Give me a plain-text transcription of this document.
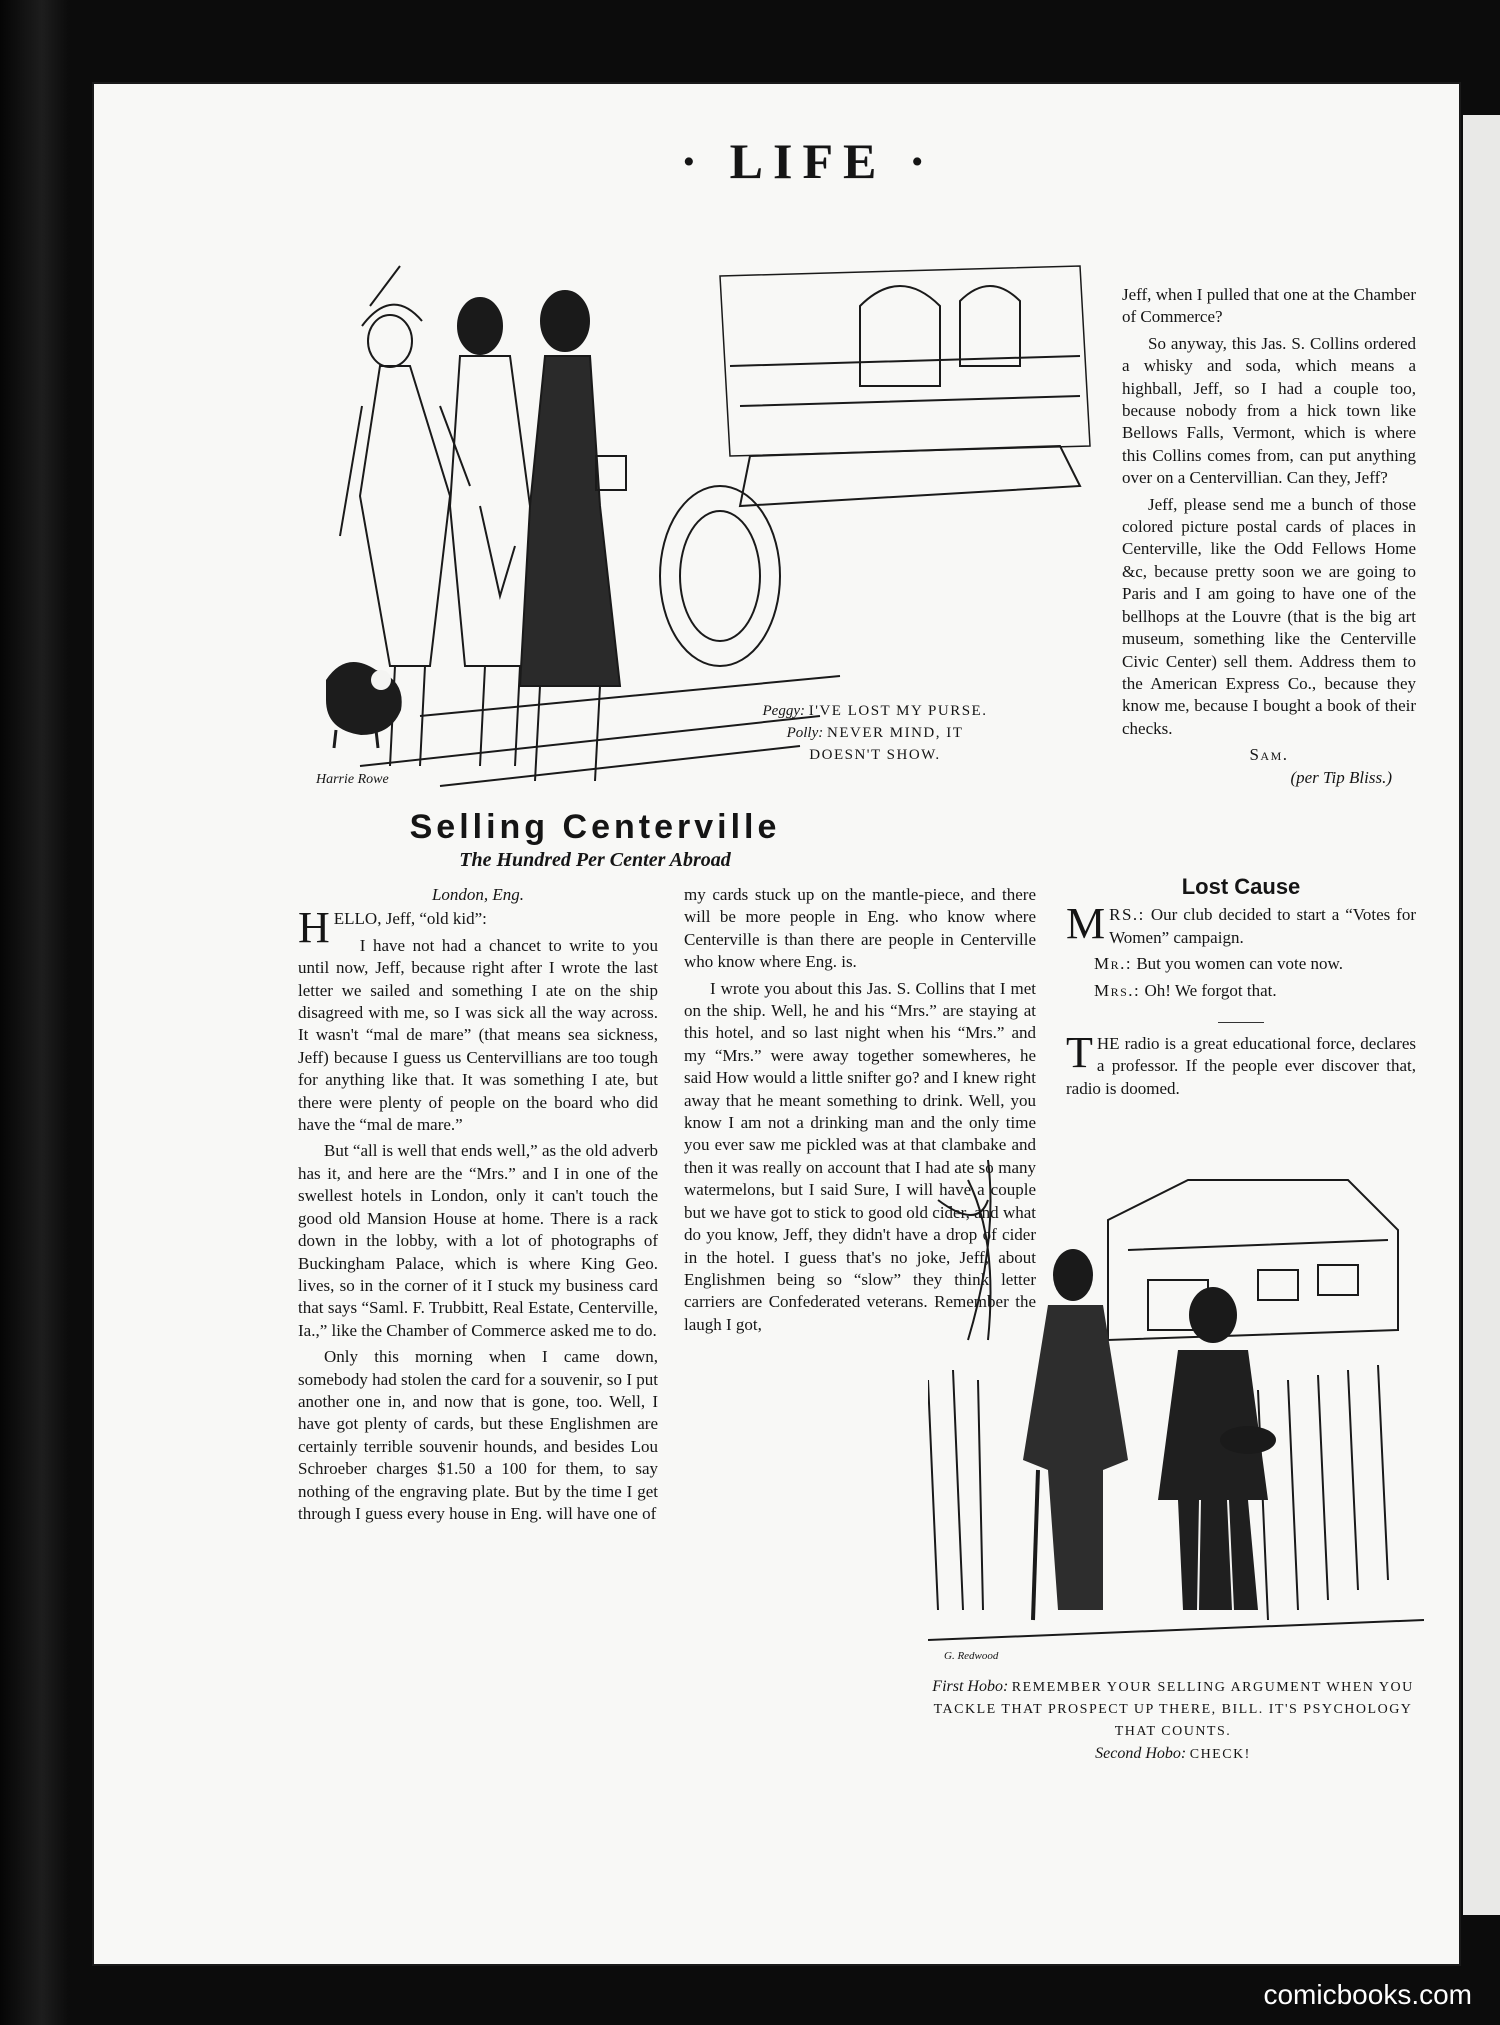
· LIFE ·
Harrie Rowe
Peggy: I'VE LOST MY PURSE.
Polly: NEVER MIND, IT DOESN'T SHOW.
Selling Centerville
The Hundred Per Center Abroad
London, Eng.

H ELLO, Jeff, “old kid”:

I have not had a chancet to write to you until now, Jeff, because right after I wrote the last letter we sailed and something I ate on the ship disagreed with me, so I was sick all the way across. It wasn't “mal de mare” (that means sea sickness, Jeff) because I guess us Centervillians are too tough for anything like that. It was something I ate, but there were plenty of people on the board who did have the “mal de mare.”

But “all is well that ends well,” as the old adverb has it, and here are the “Mrs.” and I in one of the swellest hotels in London, only it can't touch the good old Mansion House at home. There is a rack down in the lobby, with a lot of photographs of Buckingham Palace, which is where King Geo. lives, so in the corner of it I stuck my business card that says “Saml. F. Trubbitt, Real Estate, Centerville, Ia.,” like the Chamber of Commerce asked me to do.

Only this morning when I came down, somebody had stolen the card for a souvenir, so I put another one in, and now that is gone, too. Well, I have got plenty of cards, but these Englishmen are certainly terrible souvenir hounds, and besides Lou Schroeber charges $1.50 a 100 for them, to say nothing of the engraving plate. But by the time I get through I guess every house in Eng. will have one of

my cards stuck up on the mantle-piece, and there will be more people in Eng. who know where Centerville is than there are people in Centerville who know where Eng. is.

I wrote you about this Jas. S. Collins that I met on the ship. Well, he and his “Mrs.” are staying at this hotel, and so last night when his “Mrs.” and my “Mrs.” were away together somewheres, he said How would a little snifter go? and I knew right away that he meant something to drink. Well, you know I am not a drinking man and the only time you ever saw me pickled was at that clambake and then it was really on account that I had ate so many watermelons, but I said Sure, I will have a couple but we have got to stick to good old cider, and what do you know, Jeff, they didn't have a drop of cider in the hotel. I guess that's no joke, Jeff, about Englishmen being so “slow” they think letter carriers are Confederated veterans. Remember the laugh I got,

Jeff, when I pulled that one at the Chamber of Commerce?

So anyway, this Jas. S. Collins ordered a whisky and soda, which means a highball, Jeff, so I had a couple too, because nobody from a hick town like Bellows Falls, Vermont, which is where this Collins comes from, can put anything over on a Centervillian. Can they, Jeff?

Jeff, please send me a bunch of those colored picture postal cards of places in Centerville, like the Odd Fellows Home &c, because pretty soon we are going to Paris and I am going to have one of the bellhops at the Louvre (that is the big art museum, something like the Centerville Civic Center) sell them. Address them to the American Express Co., because they know me, because I bought a book of their checks.

Sam.
(per Tip Bliss.)
Lost Cause

M RS.: Our club decided to start a “Votes for Women” campaign.

Mr.: But you women can vote now.

Mrs.: Oh! We forgot that.

T HE radio is a great educational force, declares a professor. If the people ever discover that, radio is doomed.

G. Redwood
First Hobo: REMEMBER YOUR SELLING ARGUMENT WHEN YOU TACKLE THAT PROSPECT UP THERE, BILL. IT'S PSYCHOLOGY THAT COUNTS.
Second Hobo: CHECK!
comicbooks.com
